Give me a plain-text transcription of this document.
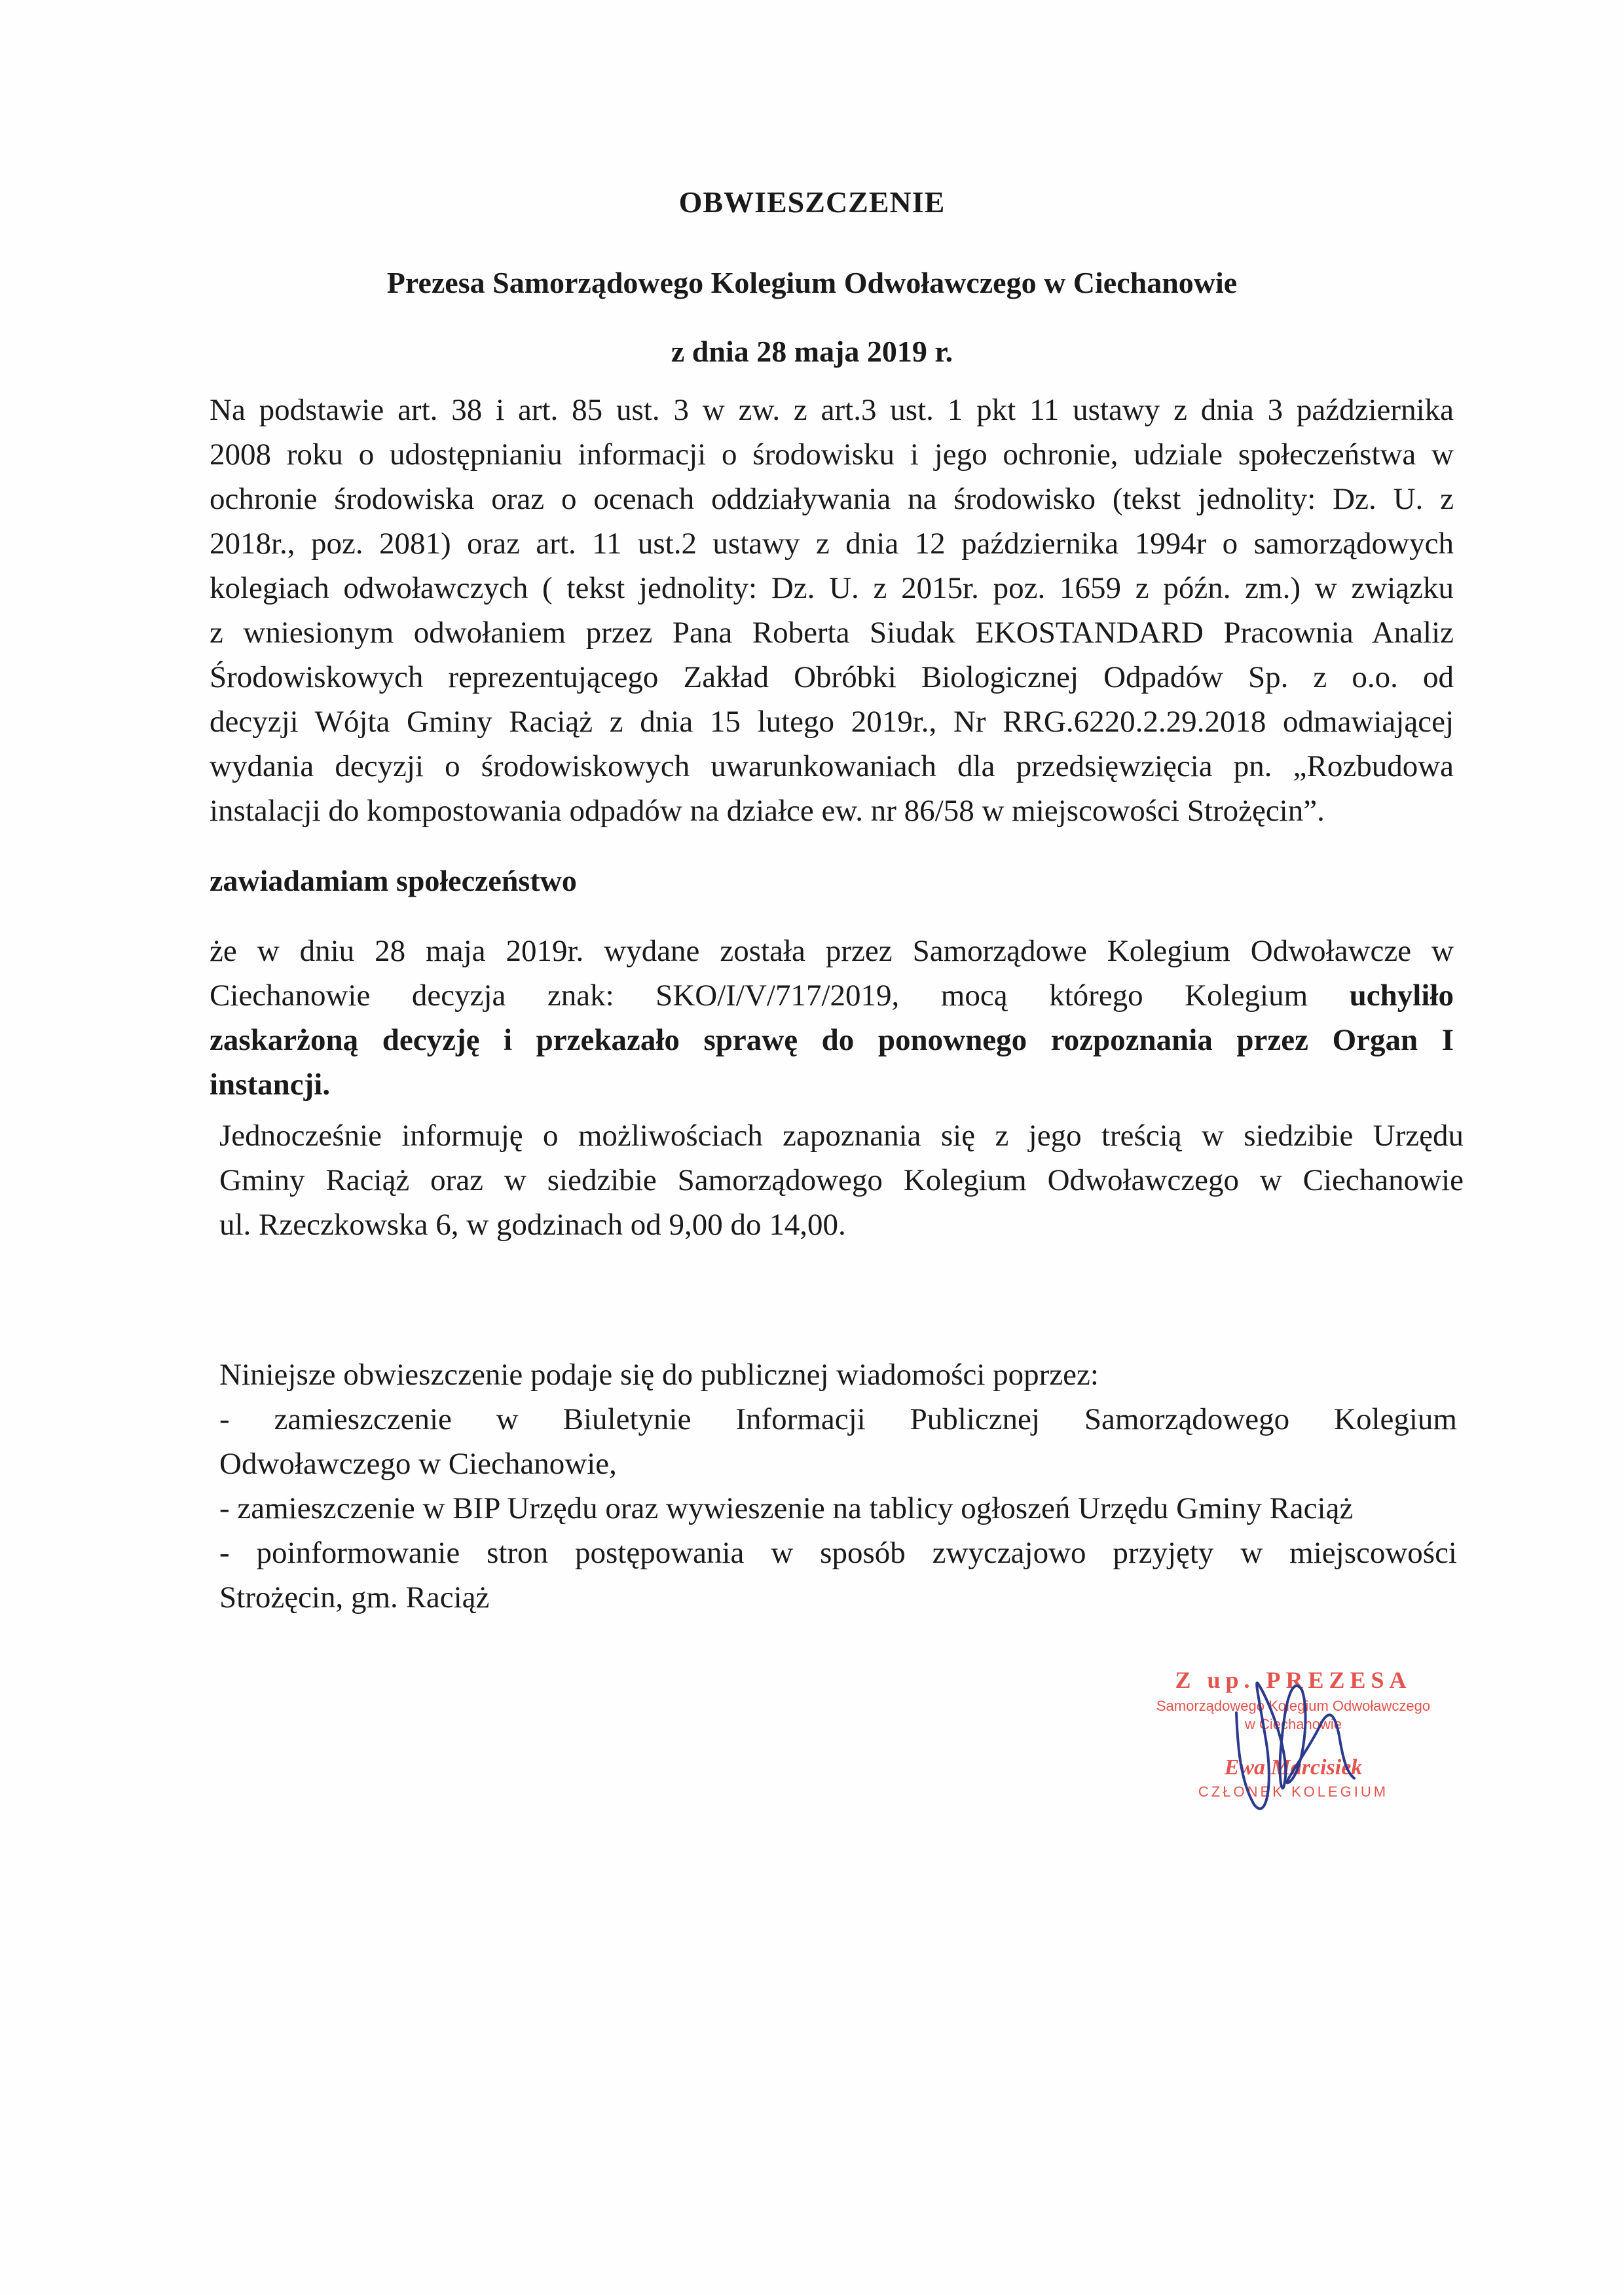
OBWIESZCZENIE
Prezesa Samorządowego Kolegium Odwoławczego w Ciechanowie
z dnia 28 maja 2019 r.
Na podstawie art. 38 i art. 85 ust. 3 w zw. z art.3 ust. 1 pkt 11 ustawy z dnia 3 października
2008 roku o udostępnianiu informacji o środowisku i jego ochronie, udziale społeczeństwa w
ochronie środowiska oraz o ocenach oddziaływania na środowisko (tekst jednolity: Dz. U. z
2018r., poz. 2081) oraz art. 11 ust.2 ustawy z dnia 12 października 1994r o samorządowych
kolegiach odwoławczych ( tekst jednolity: Dz. U. z 2015r. poz. 1659 z późn. zm.) w związku
z wniesionym odwołaniem przez Pana Roberta Siudak EKOSTANDARD Pracownia Analiz
Środowiskowych reprezentującego Zakład Obróbki Biologicznej Odpadów Sp. z o.o. od
decyzji Wójta Gminy Raciąż z dnia 15 lutego 2019r., Nr RRG.6220.2.29.2018 odmawiającej
wydania decyzji o środowiskowych uwarunkowaniach dla przedsięwzięcia pn. „Rozbudowa
instalacji do kompostowania odpadów na działce ew. nr 86/58 w miejscowości Strożęcin”.
zawiadamiam społeczeństwo
że w dniu 28 maja 2019r. wydane została przez Samorządowe Kolegium Odwoławcze w
Ciechanowie decyzja znak: SKO/I/V/717/2019, mocą którego Kolegium uchyliło
zaskarżoną decyzję i przekazało sprawę do ponownego rozpoznania przez Organ I
instancji.
Jednocześnie informuję o możliwościach zapoznania się z jego treścią w siedzibie Urzędu
Gminy Raciąż oraz w siedzibie Samorządowego Kolegium Odwoławczego w Ciechanowie
ul. Rzeczkowska 6, w godzinach od 9,00 do 14,00.
Niniejsze obwieszczenie podaje się do publicznej wiadomości poprzez:
- zamieszczenie w Biuletynie Informacji Publicznej Samorządowego Kolegium
Odwoławczego w Ciechanowie,
- zamieszczenie w BIP Urzędu oraz wywieszenie na tablicy ogłoszeń Urzędu Gminy Raciąż
- poinformowanie stron postępowania w sposób zwyczajowo przyjęty w miejscowości
Strożęcin, gm. Raciąż
Z up. PREZESA
Samorządowego Kolegium Odwoławczego
w Ciechanowie
Ewa Marcisiek
CZŁONEK KOLEGIUM
